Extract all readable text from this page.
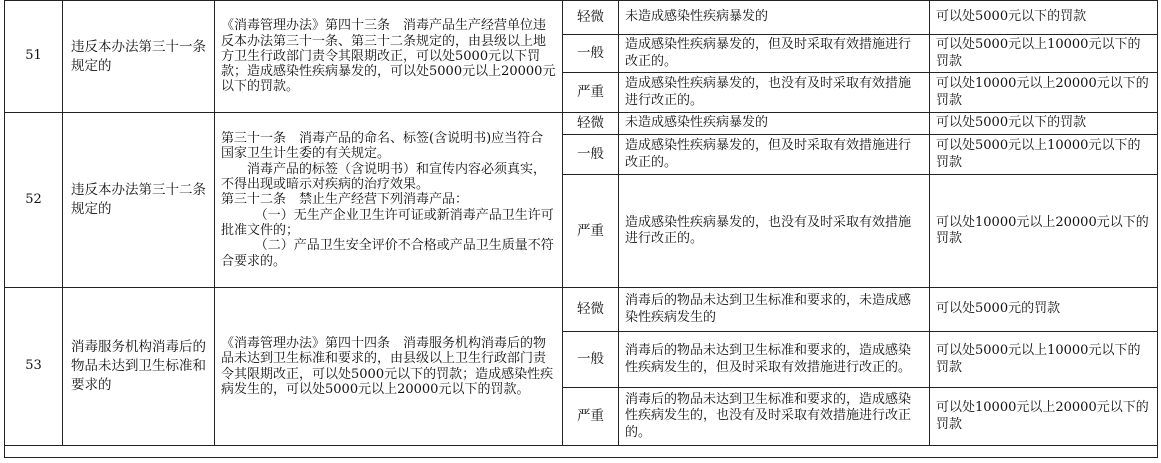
51	违反本办法第三十一条规定的	《消毒管理办法》第四十三条　消毒产品生产经营单位违反本办法第三十一条、第三十二条规定的，由县级以上地方卫生行政部门责令其限期改正，可以处5000元以下罚款；造成感染性疾病暴发的，可以处5000元以上20000元以下的罚款。	轻微	未造成感染性疾病暴发的	可以处5000元以下的罚款
			一般	造成感染性疾病暴发的，但及时采取有效措施进行改正的。	可以处5000元以上10000元以下的罚款
			严重	造成感染性疾病暴发的，也没有及时采取有效措施进行改正的。	可以处10000元以上20000元以下的罚款
52	违反本办法第三十二条规定的	第三十一条　消毒产品的命名、标签(含说明书)应当符合国家卫生计生委的有关规定。
消毒产品的标签（含说明书）和宣传内容必须真实，不得出现或暗示对疾病的治疗效果。
第三十二条　禁止生产经营下列消毒产品：
（一）无生产企业卫生许可证或新消毒产品卫生许可批准文件的；
（二）产品卫生安全评价不合格或产品卫生质量不符合要求的。	轻微	未造成感染性疾病暴发的	可以处5000元以下的罚款
			一般	造成感染性疾病暴发的，但及时采取有效措施进行改正的。	可以处5000元以上10000元以下的罚款
			严重	造成感染性疾病暴发的，也没有及时采取有效措施进行改正的。	可以处10000元以上20000元以下的罚款
53	消毒服务机构消毒后的物品未达到卫生标准和要求的	《消毒管理办法》第四十四条　消毒服务机构消毒后的物品未达到卫生标准和要求的，由县级以上卫生行政部门责令其限期改正，可以处5000元以下的罚款；造成感染性疾病发生的，可以处5000元以上20000元以下的罚款。	轻微	消毒后的物品未达到卫生标准和要求的，未造成感染性疾病发生的	可以处5000元的罚款
			一般	消毒后的物品未达到卫生标准和要求的，造成感染性疾病发生的，但及时采取有效措施进行改正的。	可以处5000元以上10000元以下的罚款
			严重	消毒后的物品未达到卫生标准和要求的，造成感染性疾病发生的，也没有及时采取有效措施进行改正的。	可以处10000元以上20000元以下的罚款
